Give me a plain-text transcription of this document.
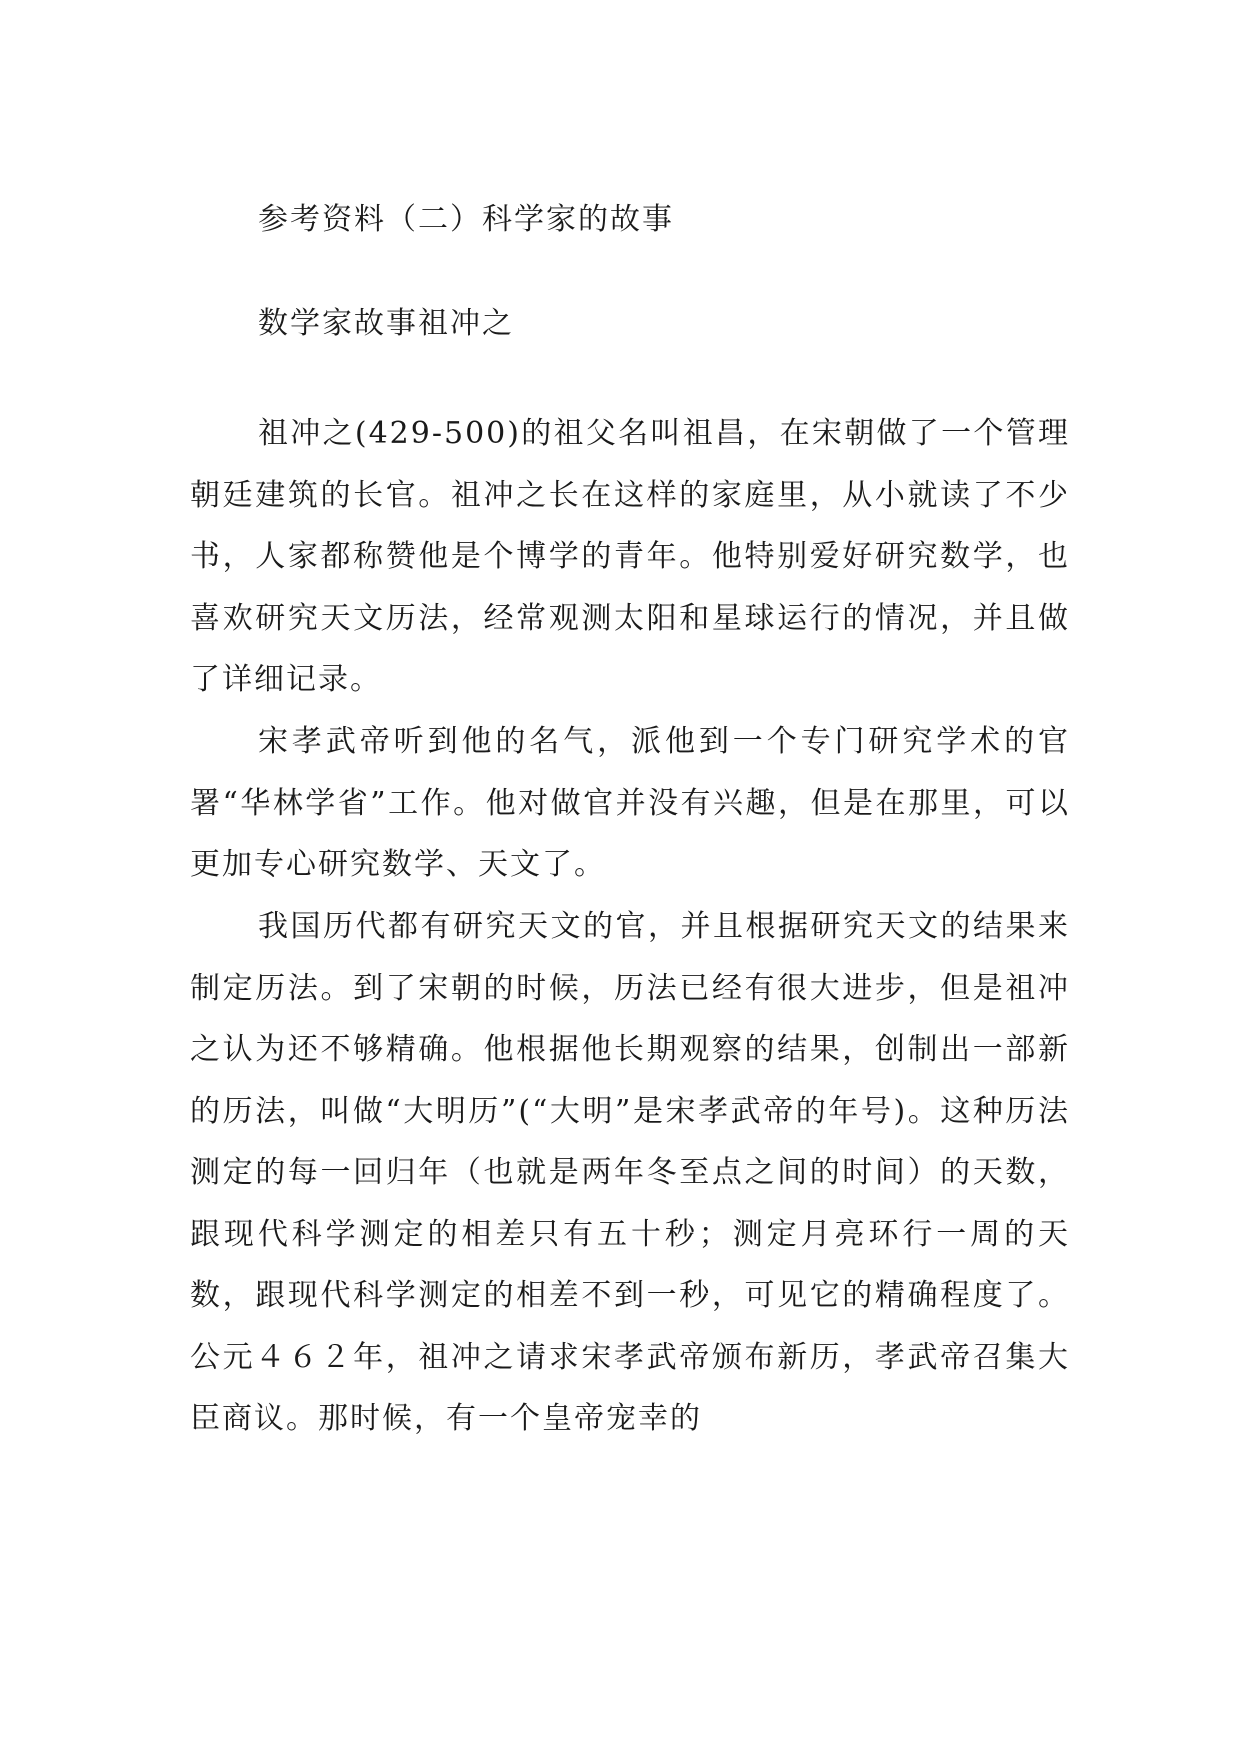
参考资料（二）科学家的故事
数学家故事祖冲之

祖冲之(429-500)的祖父名叫祖昌，在宋朝做了一个管理朝廷建筑的长官。祖冲之长在这样的家庭里，从小就读了不少书，人家都称赞他是个博学的青年。他特别爱好研究数学，也喜欢研究天文历法，经常观测太阳和星球运行的情况，并且做了详细记录。

宋孝武帝听到他的名气，派他到一个专门研究学术的官署“华林学省”工作。他对做官并没有兴趣，但是在那里，可以更加专心研究数学、天文了。

我国历代都有研究天文的官，并且根据研究天文的结果来制定历法。到了宋朝的时候，历法已经有很大进步，但是祖冲之认为还不够精确。他根据他长期观察的结果，创制出一部新的历法，叫做“大明历”(“大明”是宋孝武帝的年号)。这种历法测定的每一回归年（也就是两年冬至点之间的时间）的天数，跟现代科学测定的相差只有五十秒；测定月亮环行一周的天数，跟现代科学测定的相差不到一秒，可见它的精确程度了。公元４６２年，祖冲之请求宋孝武帝颁布新历，孝武帝召集大臣商议。那时候，有一个皇帝宠幸的
